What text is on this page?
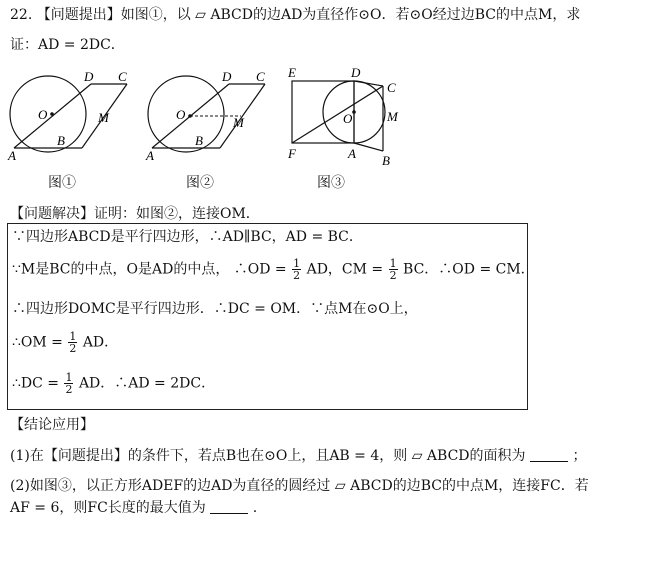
22. 【问题提出】如图①，以 ▱ ABCD的边AD为直径作⊙O．若⊙O经过边BC的中点M，求
证：AD = 2DC．
D C
O	M
A
B
图①
D C
O
M
A
B
图②
E	D
C
O	M
F	A B
图③
【问题解决】证明：如图②，连接OM．
∵四边形ABCD是平行四边形，∴AD∥BC，AD = BC．
∵M是BC的中点，O是AD的中点， ∴OD = $\frac{1}{2}$ AD，CM = $\frac{1}{2}$ BC．∴OD = CM．
∴四边形DOMC是平行四边形．∴DC = OM．∵点M在⊙O上，
∴OM = $\frac{1}{2}$ AD．
∴DC = $\frac{1}{2}$ AD．∴AD = 2DC．
【结论应用】
(1)在【问题提出】的条件下，若点B也在⊙O上，且AB = 4，则 ▱ ABCD的面积为	；
(2)如图③，以正方形ADEF的边AD为直径的圆经过 ▱ ABCD的边BC的中点M，连接FC．若
AF = 6，则FC长度的最大值为	.
